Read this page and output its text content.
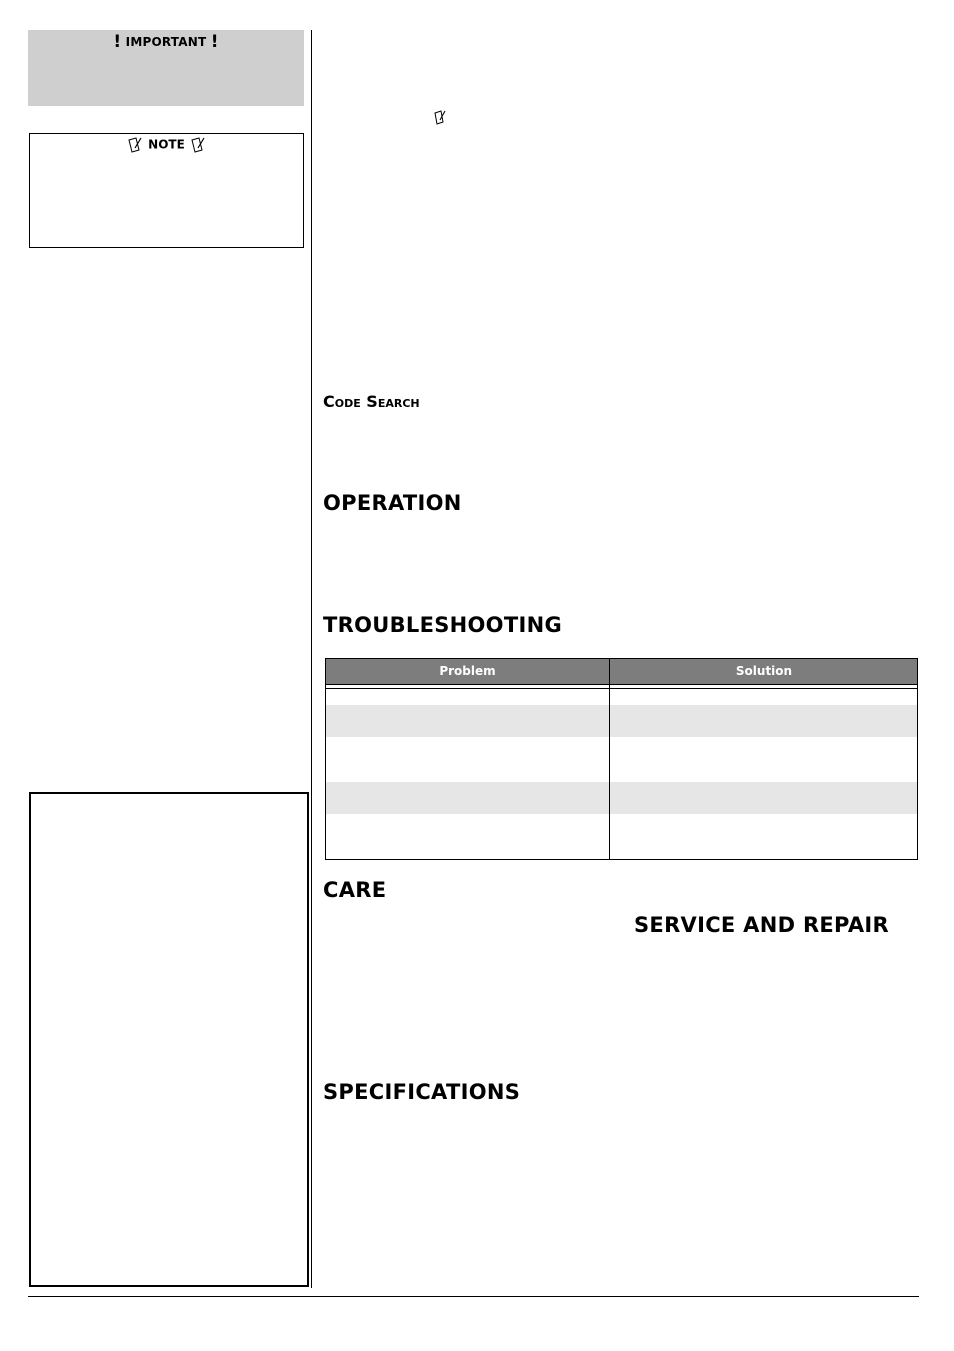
! IMPORTANT !
NOTE
Code Search
OPERATION
TROUBLESHOOTING
Problem	Solution
CARE
SERVICE AND REPAIR
SPECIFICATIONS
